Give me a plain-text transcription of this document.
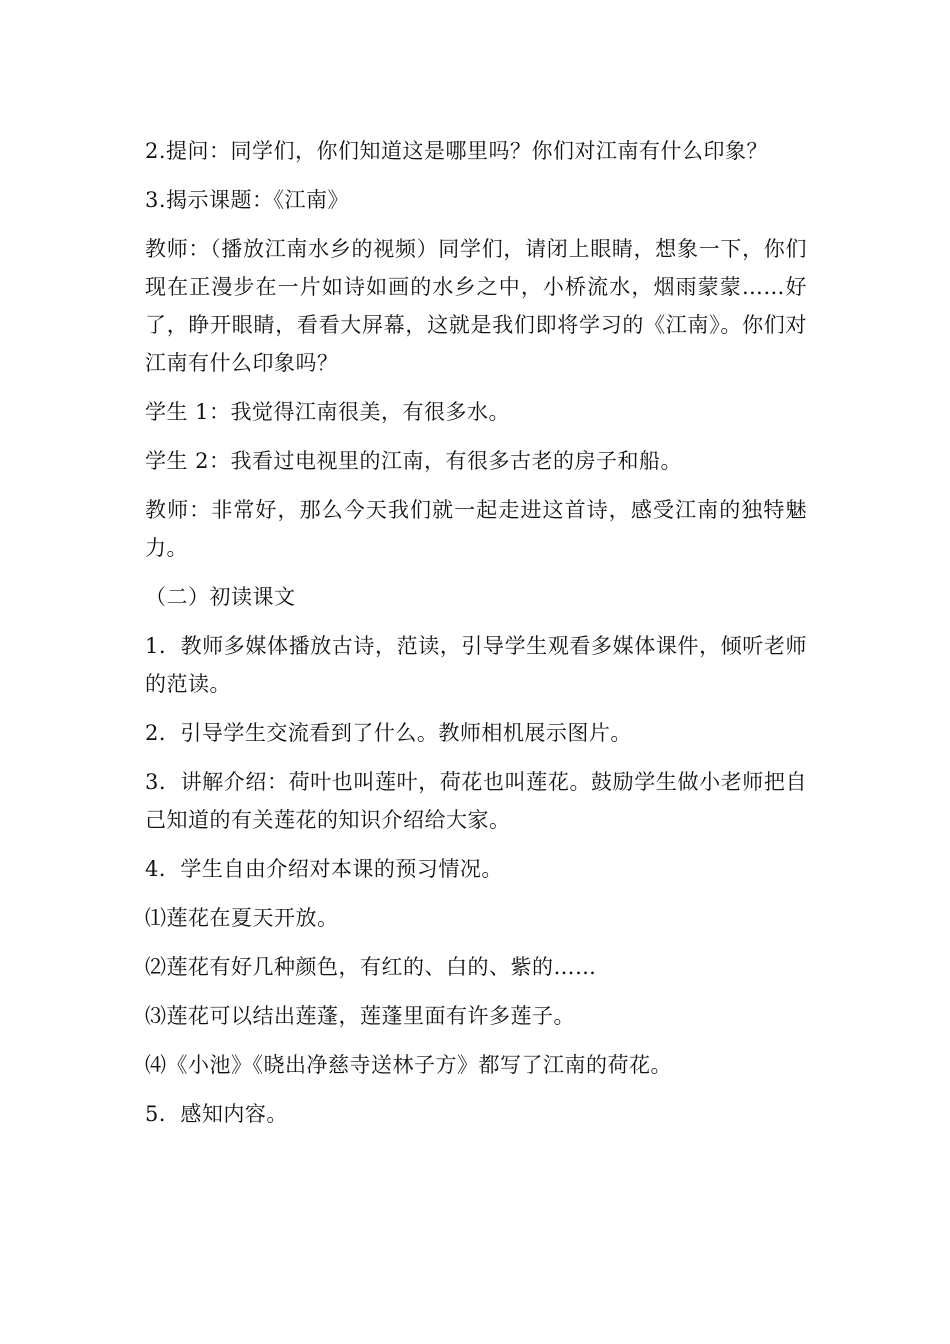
2.提问：同学们，你们知道这是哪里吗？你们对江南有什么印象？

3.揭示课题：《江南》

教师：（播放江南水乡的视频）同学们，请闭上眼睛，想象一下，你们现在正漫步在一片如诗如画的水乡之中，小桥流水，烟雨蒙蒙……好了，睁开眼睛，看看大屏幕，这就是我们即将学习的《江南》。你们对江南有什么印象吗？

学生 1：我觉得江南很美，有很多水。

学生 2：我看过电视里的江南，有很多古老的房子和船。

教师：非常好，那么今天我们就一起走进这首诗，感受江南的独特魅力。

（二）初读课文

1．教师多媒体播放古诗，范读，引导学生观看多媒体课件，倾听老师的范读。

2．引导学生交流看到了什么。教师相机展示图片。

3．讲解介绍：荷叶也叫莲叶，荷花也叫莲花。鼓励学生做小老师把自己知道的有关莲花的知识介绍给大家。

4．学生自由介绍对本课的预习情况。

⑴莲花在夏天开放。

⑵莲花有好几种颜色，有红的、白的、紫的……

⑶莲花可以结出莲蓬，莲蓬里面有许多莲子。

⑷《小池》《晓出净慈寺送林子方》都写了江南的荷花。

5．感知内容。
